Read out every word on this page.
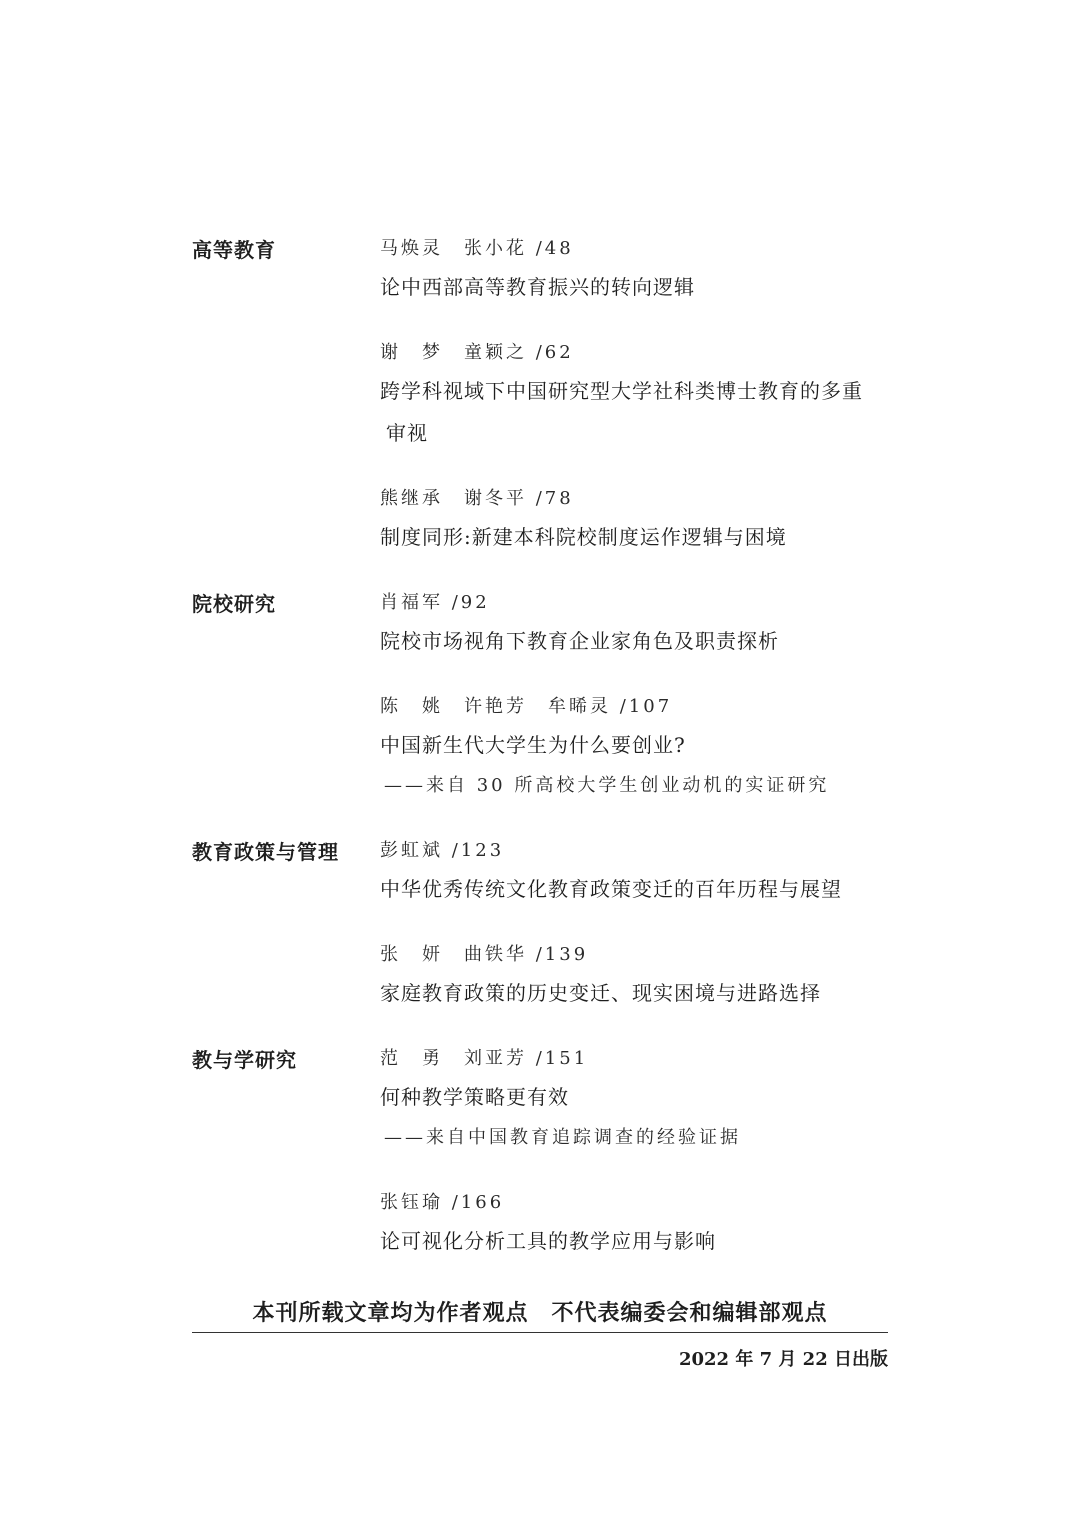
高等教育	马焕灵　张小花 /48
论中西部高等教育振兴的转向逻辑
谢　梦　童颖之 /62
跨学科视域下中国研究型大学社科类博士教育的多重
审视
熊继承　谢冬平 /78
制度同形:新建本科院校制度运作逻辑与困境
院校研究	肖福军 /92
院校市场视角下教育企业家角色及职责探析
陈　姚　许艳芳　牟晞灵 /107
中国新生代大学生为什么要创业?
——来自 30 所高校大学生创业动机的实证研究
教育政策与管理 彭虹斌 /123
中华优秀传统文化教育政策变迁的百年历程与展望
张　妍　曲铁华 /139
家庭教育政策的历史变迁、现实困境与进路选择
教与学研究	范　勇　刘亚芳 /151
何种教学策略更有效
——来自中国教育追踪调查的经验证据
张钰瑜 /166
论可视化分析工具的教学应用与影响
本刊所载文章均为作者观点　不代表编委会和编辑部观点
2022 年 7 月 22 日出版
